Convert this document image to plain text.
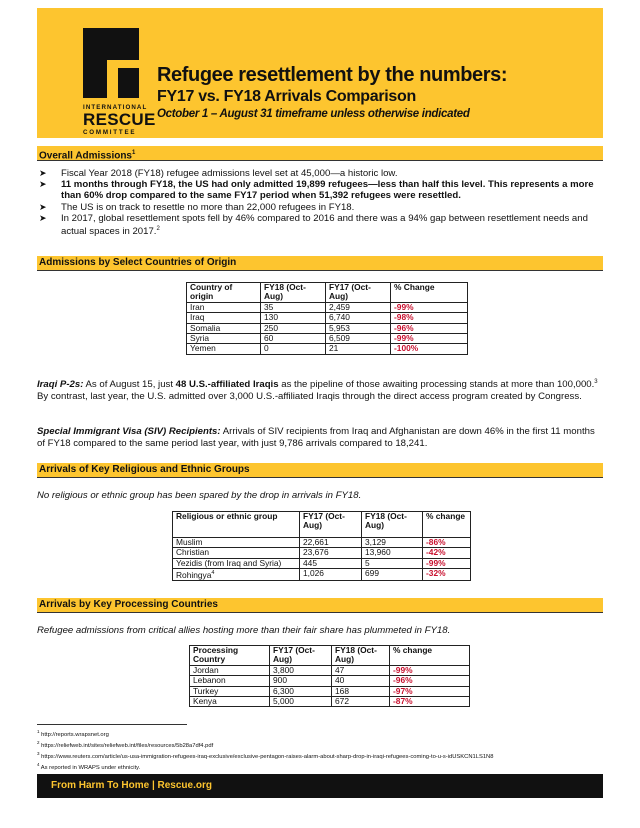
INTERNATIONAL
RESCUE
COMMITTEE
Refugee resettlement by the numbers:
FY17 vs. FY18 Arrivals Comparison
October 1 – August 31 timeframe unless otherwise indicated
Overall Admissions$^1$
➤ Fiscal Year 2018 (FY18) refugee admissions level set at 45,000—a historic low.
➤ 11 months through FY18, the US had only admitted 19,899 refugees—less than half this level. This represents a more than 60% drop compared to the same FY17 period when 51,392 refugees were resettled.
➤ The US is on track to resettle no more than 22,000 refugees in FY18.
➤ In 2017, global resettlement spots fell by 46% compared to 2016 and there was a 94% gap between resettlement needs and actual spaces in 2017.$^2$
Admissions by Select Countries of Origin
Country of origin	FY18 (Oct-Aug)	FY17 (Oct-Aug)	% Change
Iran	35	2,459	-99%
Iraq	130	6,740	-98%
Somalia	250	5,953	-96%
Syria	60	6,509	-99%
Yemen	0	21	-100%
Iraqi P-2s: As of August 15, just 48 U.S.-affiliated Iraqis as the pipeline of those awaiting processing stands at more than 100,000.$^3$ By contrast, last year, the U.S. admitted over 3,000 U.S.-affiliated Iraqis through the direct access program created by Congress.
Special Immigrant Visa (SIV) Recipients: Arrivals of SIV recipients from Iraq and Afghanistan are down 46% in the first 11 months of FY18 compared to the same period last year, with just 9,786 arrivals compared to 18,241.
Arrivals of Key Religious and Ethnic Groups
No religious or ethnic group has been spared by the drop in arrivals in FY18.
Religious or ethnic group	FY17 (Oct-Aug)	FY18 (Oct-Aug)	% change
Muslim	22,661	3,129	-86%
Christian	23,676	13,960	-42%
Yezidis (from Iraq and Syria)	445	5	-99%
Rohingya$^4$	1,026	699	-32%
Arrivals by Key Processing Countries
Refugee admissions from critical allies hosting more than their fair share has plummeted in FY18.
Processing Country	FY17 (Oct-Aug)	FY18 (Oct-Aug)	% change
Jordan	3,800	47	-99%
Lebanon	900	40	-96%
Turkey	6,300	168	-97%
Kenya	5,000	672	-87%
$^1$ http://reports.wrapsnet.org
$^2$ https://reliefweb.int/sites/reliefweb.int/files/resources/5b28a7df4.pdf
$^3$ https://www.reuters.com/article/us-usa-immigration-refugees-iraq-exclusive/exclusive-pentagon-raises-alarm-about-sharp-drop-in-iraqi-refugees-coming-to-u-s-idUSKCN1LS1N8
$^4$ As reported in WRAPS under ethnicity.
From Harm To Home | Rescue.org
